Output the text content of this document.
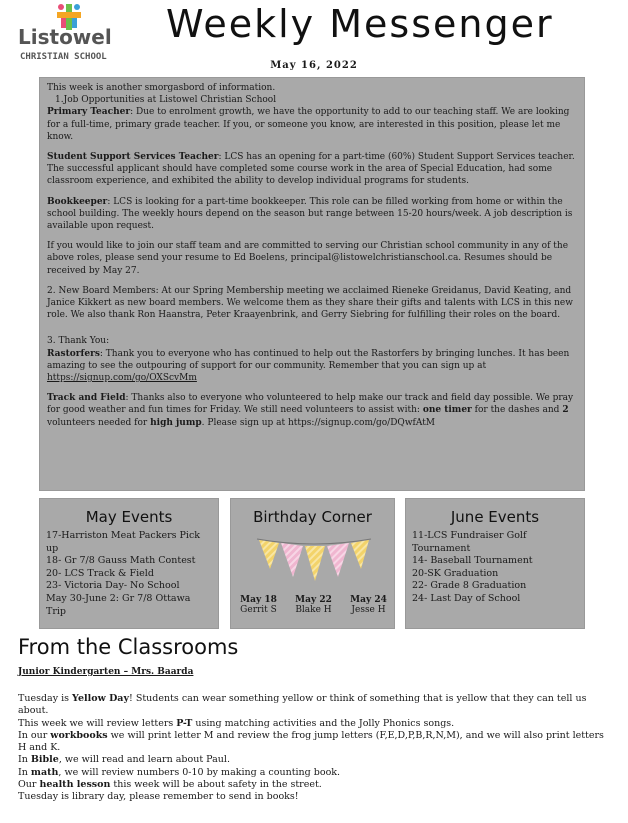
Listowel
CHRISTIAN SCHOOL
Weekly Messenger
May 16, 2022

This week is another smorgasbord of information.

1.Job Opportunities at Listowel Christian School

Primary Teacher: Due to enrolment growth, we have the opportunity to add to our teaching staff. We are looking for a full-time, primary grade teacher. If you, or someone you know, are interested in this position, please let me know.

Student Support Services Teacher: LCS has an opening for a part-time (60%) Student Support Services teacher. The successful applicant should have completed some course work in the area of Special Education, had some classroom experience, and exhibited the ability to develop individual programs for students.

Bookkeeper: LCS is looking for a part-time bookkeeper. This role can be filled working from home or within the school building. The weekly hours depend on the season but range between 15-20 hours/week. A job description is available upon request.

If you would like to join our staff team and are committed to serving our Christian school community in any of the above roles, please send your resume to Ed Boelens, principal@listowelchristianschool.ca. Resumes should be received by May 27.

2. New Board Members: At our Spring Membership meeting we acclaimed Rieneke Greidanus, David Keating, and Janice Kikkert as new board members. We welcome them as they share their gifts and talents with LCS in this new role. We also thank Ron Haanstra, Peter Kraayenbrink, and Gerry Siebring for fulfilling their roles on the board.

3. Thank You:

Rastorfers: Thank you to everyone who has continued to help out the Rastorfers by bringing lunches. It has been amazing to see the outpouring of support for our community. Remember that you can sign up at
https://signup.com/go/OXScvMm

Track and Field: Thanks also to everyone who volunteered to help make our track and field day possible. We pray for good weather and fun times for Friday. We still need volunteers to assist with: one timer for the dashes and 2 volunteers needed for high jump. Please sign up at https://signup.com/go/DQwfAtM

May Events
17-Harriston Meat Packers Pick up
18- Gr 7/8 Gauss Math Contest
20- LCS Track & Field
23- Victoria Day- No School
May 30-June 2: Gr 7/8 Ottawa Trip
Birthday Corner
May 18
Gerrit S
May 22
Blake H
May 24
Jesse H
June Events
11-LCS Fundraiser Golf Tournament
14- Baseball Tournament
20-SK Graduation
22- Grade 8 Graduation
24- Last Day of School
From the Classrooms
Junior Kindergarten – Mrs. Baarda
Tuesday is Yellow Day! Students can wear something yellow or think of something that is yellow that they can tell us about.
This week we will review letters P-T using matching activities and the Jolly Phonics songs.
In our workbooks we will print letter M and review the frog jump letters (F,E,D,P,B,R,N,M), and we will also print letters H and K.
In Bible, we will read and learn about Paul.
In math, we will review numbers 0-10 by making a counting book.
Our health lesson this week will be about safety in the street.
Tuesday is library day, please remember to send in books!
